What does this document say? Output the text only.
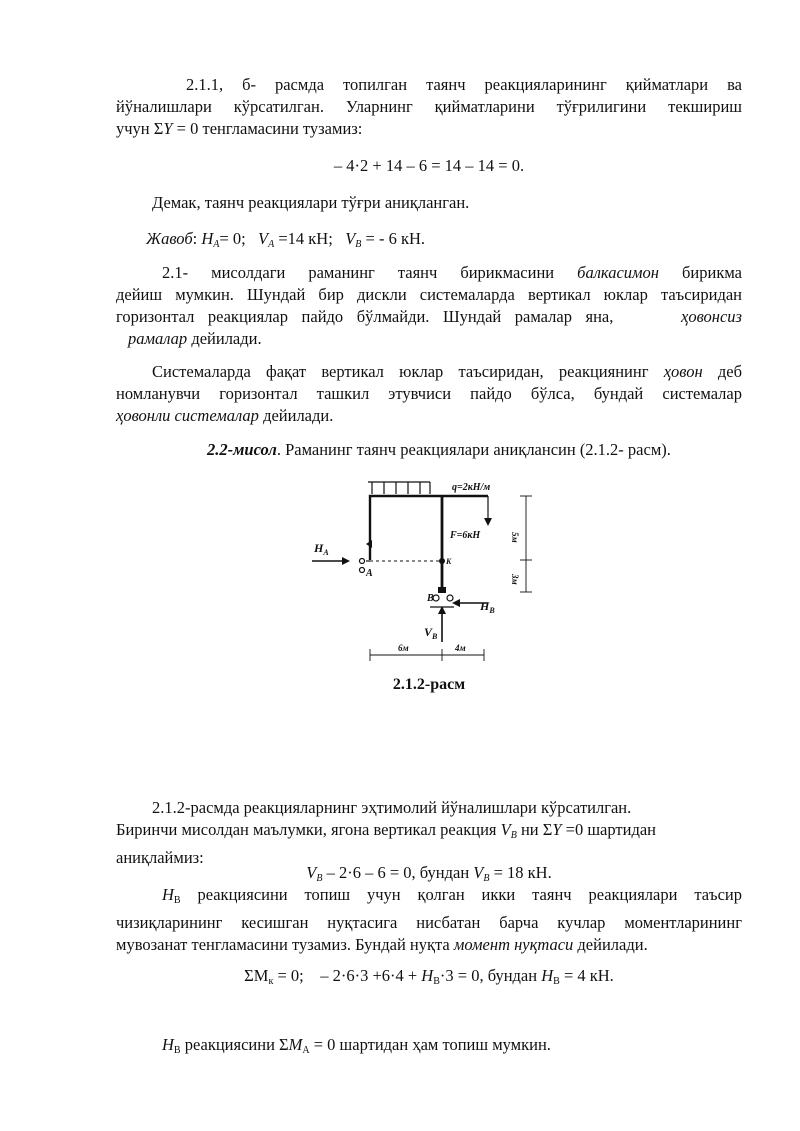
2.1.1, б- расмда топилган таянч реакцияларининг қийматлари ва
йўналишлари кўрсатилган. Уларнинг қийматларини тўғрилигини текшириш
учун ΣY = 0 тенгламасини тузамиз:
– 4·2 + 14 – 6 = 14 – 14 = 0.
Демак, таянч реакциялари тўғри аниқланган.
Жавоб: $H_A= 0$;   $V_A =14$ кН;   $V_B$ = - 6 кН.
2.1- мисолдаги раманинг таянч бирикмасини балкасимон бирикма
дейиш мумкин. Шундай бир дискли системаларда вертикал юклар таъсиридан
горизонтал реакциялар пайдо бўлмайди. Шундай рамалар яна,     ҳовонсиз
рамалар дейилади.
Системаларда фақат вертикал юклар таъсиридан, реакциянинг ҳовон деб
номланувчи горизонтал ташкил этувчиси пайдо бўлса, бундай системалар
ҳовонли системалар дейилади.
2.2-мисол. Раманинг таянч реакциялари аниқлансин (2.1.2- расм).
q=2кН/м
F=6кН
$H_A$
A
K
B
$H_B$
$V_B$
5м
3м
6м	4м
2.1.2-расм
2.1.2-расмда реакцияларнинг эҳтимолий йўналишлари кўрсатилган.
Биринчи мисолдан маълумки, ягона вертикал реакция $V_B$ ни ΣY =0 шартидан
аниқлаймиз:
$V_B - 2\cdot 6 - 6 = 0$, бундан $V_B = 18$ кН.
$H_B$ реакциясини топиш учун қолган икки таянч реакциялари таъсир
чизиқларининг кесишган нуқтасига нисбатан барча кучлар моментларининг
мувозанат тенгламасини тузамиз. Бундай нуқта момент нуқтаси дейилади.
$\Sigma M_к = 0$;    – $2\cdot 6\cdot 3 +6\cdot 4 + H_B\cdot 3 = 0$, бундан $H_B = 4$ кН.
$H_B$ реакциясини $\Sigma M_A = 0$ шартидан ҳам топиш мумкин.
